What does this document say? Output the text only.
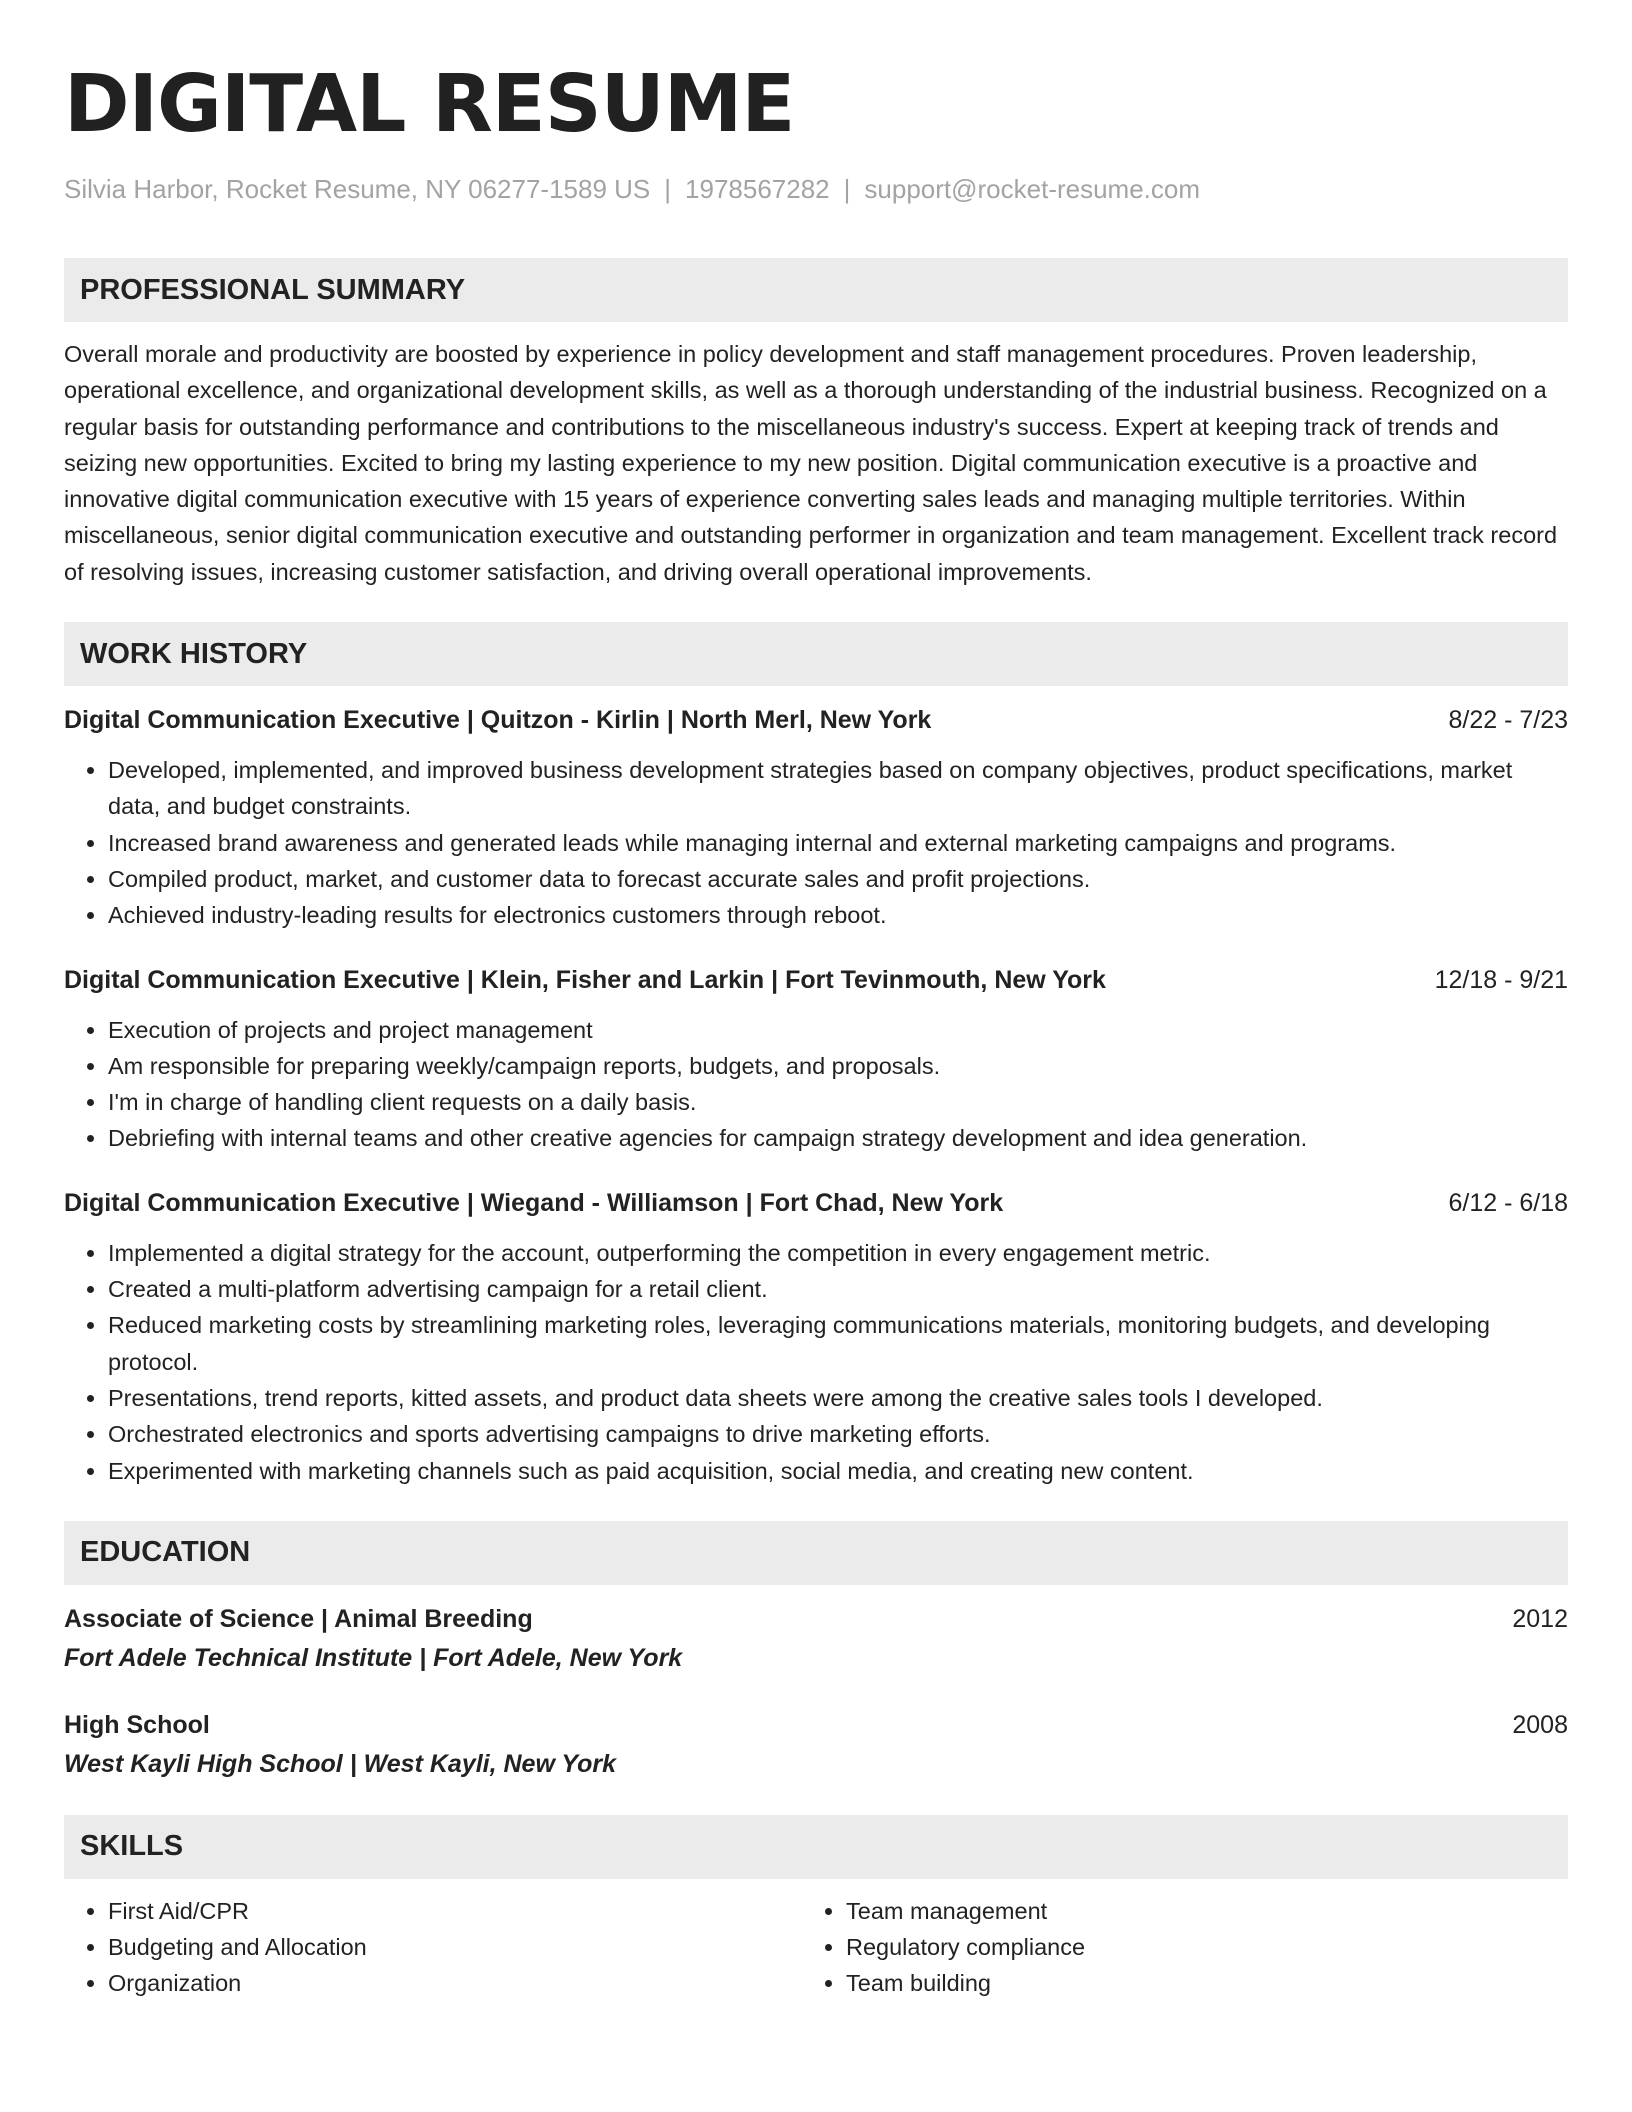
DIGITAL RESUME
Silvia Harbor, Rocket Resume, NY 06277-1589 US | 1978567282 | support@rocket-resume.com
PROFESSIONAL SUMMARY
Overall morale and productivity are boosted by experience in policy development and staff management procedures. Proven leadership, operational excellence, and organizational development skills, as well as a thorough understanding of the industrial business. Recognized on a regular basis for outstanding performance and contributions to the miscellaneous industry's success. Expert at keeping track of trends and seizing new opportunities. Excited to bring my lasting experience to my new position. Digital communication executive is a proactive and innovative digital communication executive with 15 years of experience converting sales leads and managing multiple territories. Within miscellaneous, senior digital communication executive and outstanding performer in organization and team management. Excellent track record of resolving issues, increasing customer satisfaction, and driving overall operational improvements.
WORK HISTORY
Digital Communication Executive | Quitzon - Kirlin | North Merl, New York	8/22 - 7/23
• Developed, implemented, and improved business development strategies based on company objectives, product specifications, market data, and budget constraints.
• Increased brand awareness and generated leads while managing internal and external marketing campaigns and programs.
• Compiled product, market, and customer data to forecast accurate sales and profit projections.
• Achieved industry-leading results for electronics customers through reboot.
Digital Communication Executive | Klein, Fisher and Larkin | Fort Tevinmouth, New York	12/18 - 9/21
• Execution of projects and project management
• Am responsible for preparing weekly/campaign reports, budgets, and proposals.
• I'm in charge of handling client requests on a daily basis.
• Debriefing with internal teams and other creative agencies for campaign strategy development and idea generation.
Digital Communication Executive | Wiegand - Williamson | Fort Chad, New York	6/12 - 6/18
• Implemented a digital strategy for the account, outperforming the competition in every engagement metric.
• Created a multi-platform advertising campaign for a retail client.
• Reduced marketing costs by streamlining marketing roles, leveraging communications materials, monitoring budgets, and developing protocol.
• Presentations, trend reports, kitted assets, and product data sheets were among the creative sales tools I developed.
• Orchestrated electronics and sports advertising campaigns to drive marketing efforts.
• Experimented with marketing channels such as paid acquisition, social media, and creating new content.
EDUCATION
Associate of Science | Animal Breeding	2012
Fort Adele Technical Institute | Fort Adele, New York
High School	2008
West Kayli High School | West Kayli, New York
SKILLS
• First Aid/CPR
• Budgeting and Allocation
• Organization
• Team management
• Regulatory compliance
• Team building
